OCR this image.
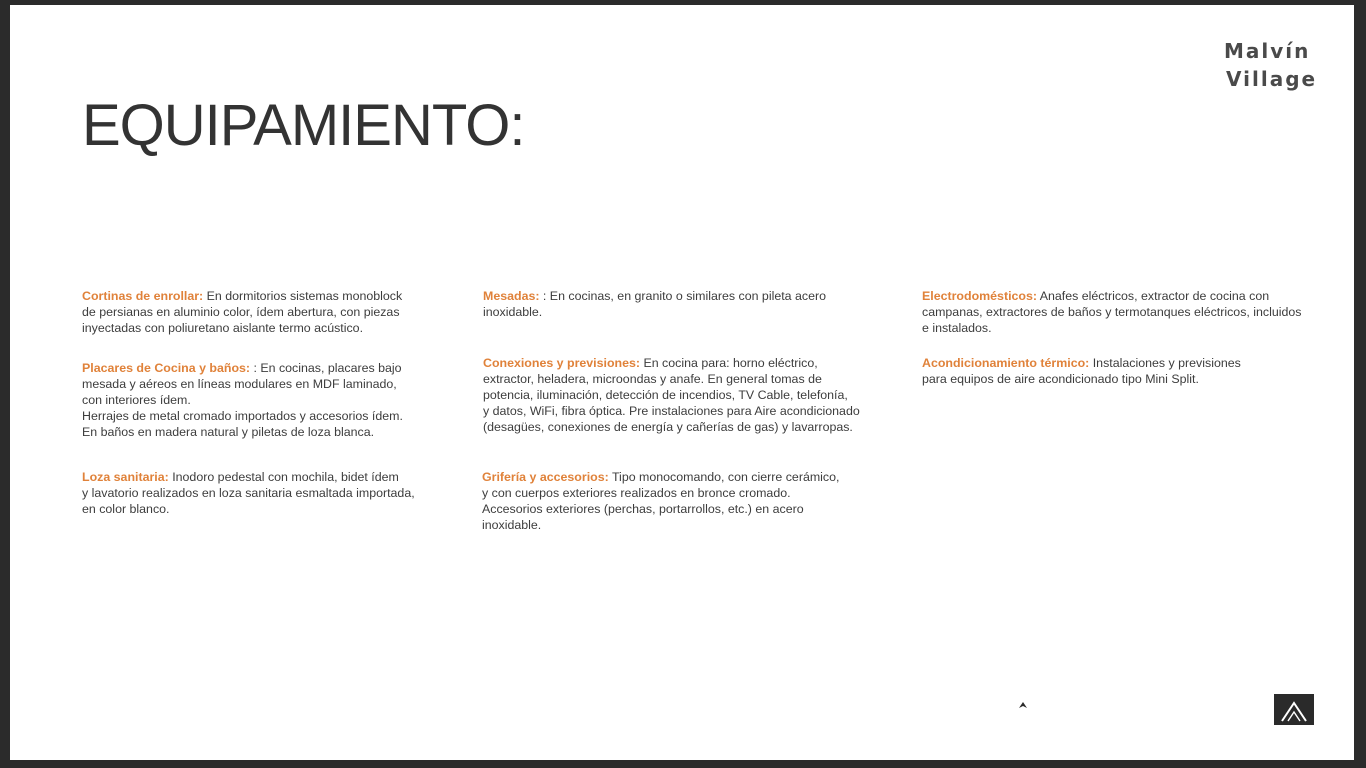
Malvín
Village
EQUIPAMIENTO:

Cortinas de enrollar: En dormitorios sistemas monoblock
de persianas en aluminio color, ídem abertura, con piezas
inyectadas con poliuretano aislante termo acústico.

Placares de Cocina y baños: : En cocinas, placares bajo
mesada y aéreos en líneas modulares en MDF laminado,
con interiores ídem.
Herrajes de metal cromado importados y accesorios ídem.
En baños en madera natural y piletas de loza blanca.

Loza sanitaria: Inodoro pedestal con mochila, bidet ídem
y lavatorio realizados en loza sanitaria esmaltada importada,
en color blanco.

Mesadas: : En cocinas, en granito o similares con pileta acero
inoxidable.

Conexiones y previsiones: En cocina para: horno eléctrico,
extractor, heladera, microondas y anafe. En general tomas de
potencia, iluminación, detección de incendios, TV Cable, telefonía,
y datos, WiFi, fibra óptica. Pre instalaciones para Aire acondicionado
(desagües, conexiones de energía y cañerías de gas) y lavarropas.

Grifería y accesorios: Tipo monocomando, con cierre cerámico,
y con cuerpos exteriores realizados en bronce cromado.
Accesorios exteriores (perchas, portarrollos, etc.) en acero
inoxidable.

Electrodomésticos: Anafes eléctricos, extractor de cocina con
campanas, extractores de baños y termotanques eléctricos, incluidos
e instalados.

Acondicionamiento térmico: Instalaciones y previsiones
para equipos de aire acondicionado tipo Mini Split.
